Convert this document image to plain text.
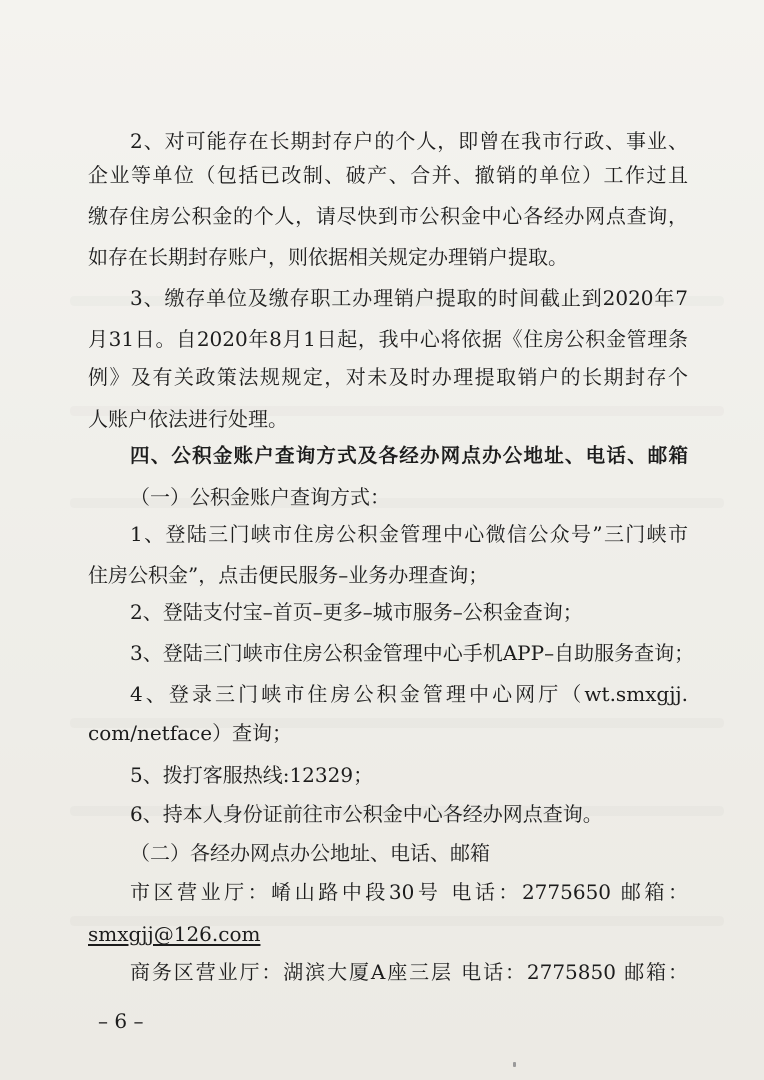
2、对可能存在长期封存户的个人，即曾在我市行政、事业、
企业等单位（包括已改制、破产、合并、撤销的单位）工作过且
缴存住房公积金的个人，请尽快到市公积金中心各经办网点查询，
如存在长期封存账户，则依据相关规定办理销户提取。
3、缴存单位及缴存职工办理销户提取的时间截止到2020年7
月31日。自2020年8月1日起，我中心将依据《住房公积金管理条
例》及有关政策法规规定，对未及时办理提取销户的长期封存个
人账户依法进行处理。
四、公积金账户查询方式及各经办网点办公地址、电话、邮箱
（一）公积金账户查询方式：
1、登陆三门峡市住房公积金管理中心微信公众号”三门峡市
住房公积金”，点击便民服务–业务办理查询；
2、登陆支付宝–首页–更多–城市服务–公积金查询；
3、登陆三门峡市住房公积金管理中心手机APP–自助服务查询；
4、登录三门峡市住房公积金管理中心网厅（wt.smxgjj.
com/netface）查询；
5、拨打客服热线:12329；
6、持本人身份证前往市公积金中心各经办网点查询。
（二）各经办网点办公地址、电话、邮箱
市区营业厅：崤山路中段30号 电话：2775650 邮箱：
smxgjj@126.com
商务区营业厅：湖滨大厦A座三层 电话：2775850 邮箱：
– 6 –
